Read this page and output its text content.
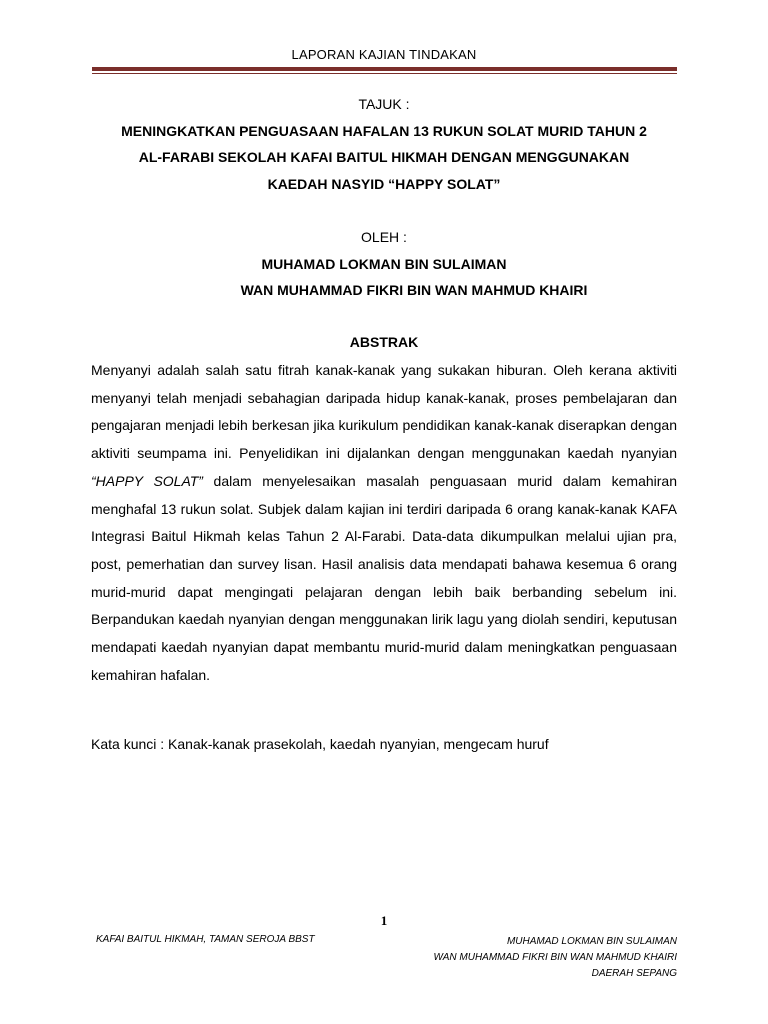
LAPORAN KAJIAN TINDAKAN
TAJUK :
MENINGKATKAN PENGUASAAN HAFALAN 13 RUKUN SOLAT MURID TAHUN 2
AL-FARABI SEKOLAH KAFAI BAITUL HIKMAH DENGAN MENGGUNAKAN
KAEDAH NASYID “HAPPY SOLAT”
OLEH :
MUHAMAD LOKMAN BIN SULAIMAN
WAN MUHAMMAD FIKRI BIN WAN MAHMUD KHAIRI
ABSTRAK

Menyanyi adalah salah satu fitrah kanak-kanak yang sukakan hiburan. Oleh kerana aktiviti menyanyi telah menjadi sebahagian daripada hidup kanak-kanak, proses pembelajaran dan pengajaran menjadi lebih berkesan jika kurikulum pendidikan kanak-kanak diserapkan dengan aktiviti seumpama ini. Penyelidikan ini dijalankan dengan menggunakan kaedah nyanyian “HAPPY SOLAT” dalam menyelesaikan masalah penguasaan murid dalam kemahiran menghafal 13 rukun solat. Subjek dalam kajian ini terdiri daripada 6 orang kanak-kanak KAFA Integrasi Baitul Hikmah kelas Tahun 2 Al-Farabi. Data-data dikumpulkan melalui ujian pra, post, pemerhatian dan survey lisan. Hasil analisis data mendapati bahawa kesemua 6 orang murid-murid dapat mengingati pelajaran dengan lebih baik berbanding sebelum ini. Berpandukan kaedah nyanyian dengan menggunakan lirik lagu yang diolah sendiri, keputusan mendapati kaedah nyanyian dapat membantu murid-murid dalam meningkatkan penguasaan kemahiran hafalan.

Kata kunci : Kanak-kanak prasekolah, kaedah nyanyian, mengecam huruf
1
KAFAI BAITUL HIKMAH, TAMAN SEROJA BBST	MUHAMAD LOKMAN BIN SULAIMAN
WAN MUHAMMAD FIKRI BIN WAN MAHMUD KHAIRI
DAERAH SEPANG
